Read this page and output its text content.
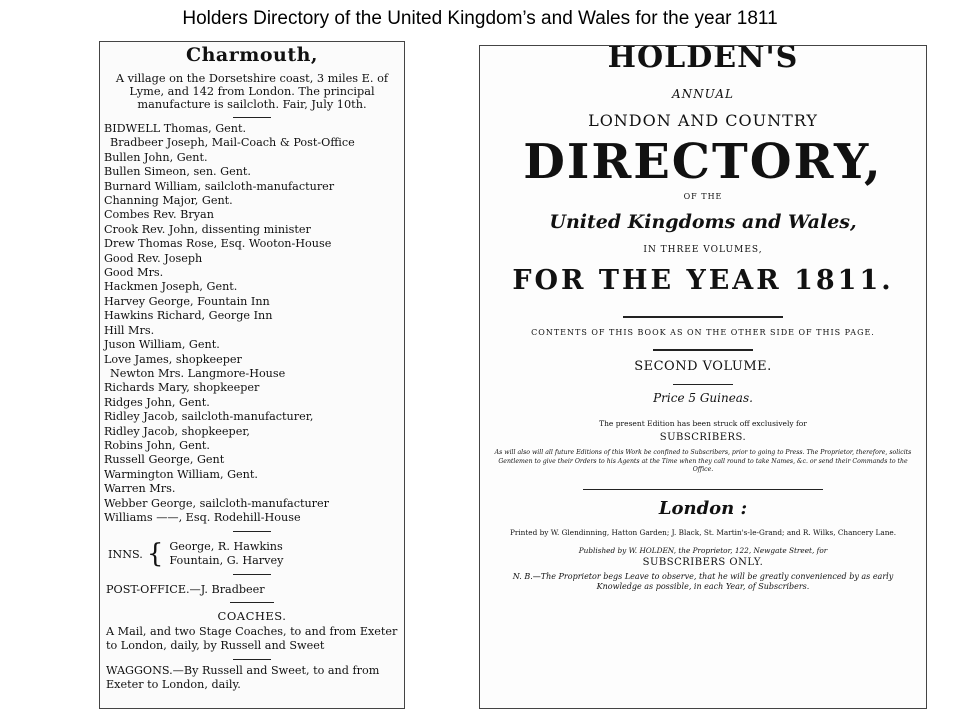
Holders Directory of the United Kingdom’s and Wales for the year 1811
Charmouth,
A village on the Dorsetshire coast, 3 miles E. of Lyme, and 142 from London. The principal manufacture is sailcloth. Fair, July 10th.
BIDWELL Thomas, Gent.
Bradbeer Joseph, Mail-Coach & Post-Office
Bullen John, Gent.
Bullen Simeon, sen. Gent.
Burnard William, sailcloth-manufacturer
Channing Major, Gent.
Combes Rev. Bryan
Crook Rev. John, dissenting minister
Drew Thomas Rose, Esq. Wooton-House
Good Rev. Joseph
Good Mrs.
Hackmen Joseph, Gent.
Harvey George, Fountain Inn
Hawkins Richard, George Inn
Hill Mrs.
Juson William, Gent.
Love James, shopkeeper
Newton Mrs. Langmore-House
Richards Mary, shopkeeper
Ridges John, Gent.
Ridley Jacob, sailcloth-manufacturer,
Ridley Jacob, shopkeeper,
Robins John, Gent.
Russell George, Gent
Warmington William, Gent.
Warren Mrs.
Webber George, sailcloth-manufacturer
Williams ——, Esq. Rodehill-House
INNS. { George, R. Hawkins
Fountain, G. Harvey
POST-OFFICE.—J. Bradbeer
COACHES.
A Mail, and two Stage Coaches, to and from Exeter to London, daily, by Russell and Sweet
WAGGONS.—By Russell and Sweet, to and from Exeter to London, daily.
HOLDEN'S
ANNUAL
LONDON AND COUNTRY
DIRECTORY,
OF THE
United Kingdoms and Wales,
IN THREE VOLUMES,
FOR THE YEAR 1811.
CONTENTS OF THIS BOOK AS ON THE OTHER SIDE OF THIS PAGE.
SECOND VOLUME.
Price 5 Guineas.
The present Edition has been struck off exclusively for
SUBSCRIBERS.
As will also will all future Editions of this Work be confined to Subscribers, prior to going to Press. The Proprietor, therefore, solicits Gentlemen to give their Orders to his Agents at the Time when they call round to take Names, &c. or send their Commands to the Office.
London :
Printed by W. Glendinning, Hatton Garden; J. Black, St. Martin's-le-Grand; and R. Wilks, Chancery Lane.
Published by W. HOLDEN, the Proprietor, 122, Newgate Street, for
SUBSCRIBERS ONLY.
N. B.—The Proprietor begs Leave to observe, that he will be greatly convenienced by as early Knowledge as possible, in each Year, of Subscribers.
